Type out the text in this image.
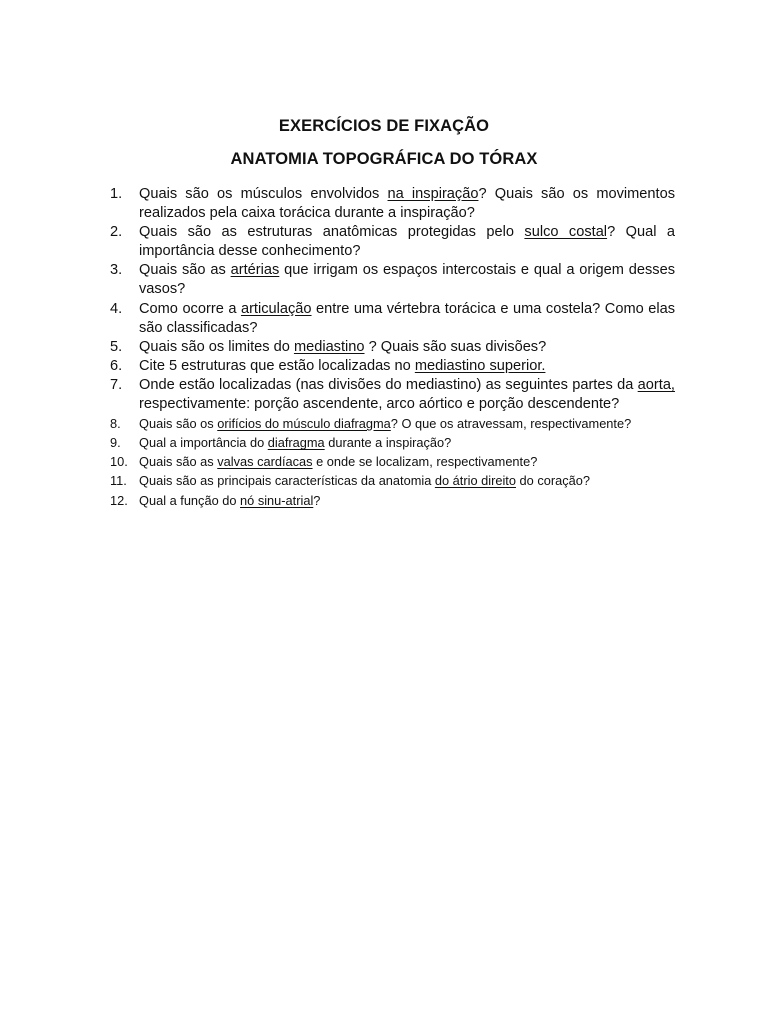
EXERCÍCIOS DE FIXAÇÃO

ANATOMIA TOPOGRÁFICA DO TÓRAX

1.	Quais são os músculos envolvidos na inspiração? Quais são os movimentos realizados pela caixa torácica durante a inspiração?
2.	Quais são as estruturas anatômicas protegidas pelo sulco costal? Qual a importância desse conhecimento?
3.	Quais são as artérias que irrigam os espaços intercostais e qual a origem desses vasos?
4.	Como ocorre a articulação entre uma vértebra torácica e uma costela? Como elas são classificadas?
5.	Quais são os limites do mediastino ? Quais são suas divisões?
6.	Cite 5 estruturas que estão localizadas no mediastino superior.
7.	Onde estão localizadas (nas divisões do mediastino) as seguintes partes da aorta, respectivamente: porção ascendente, arco aórtico e porção descendente?
8.	Quais são os orifícios do músculo diafragma? O que os atravessam, respectivamente?
9.	Qual a importância do diafragma durante a inspiração?
10. Quais são as valvas cardíacas e onde se localizam, respectivamente?
11. Quais são as principais características da anatomia do átrio direito do coração?
12. Qual a função do nó sinu-atrial?
